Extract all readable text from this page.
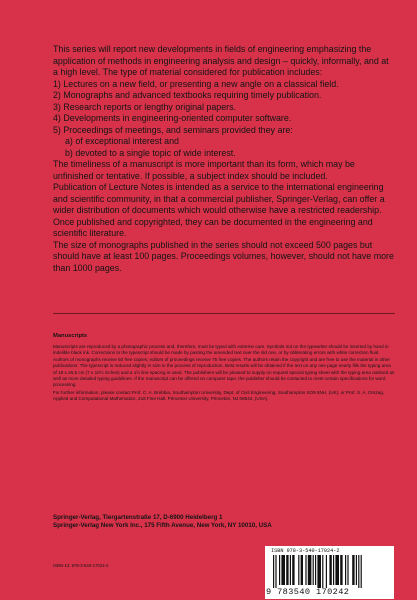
This series will report new developments in fields of engineering emphasizing the application of methods in engineering analysis and design – quickly, informally, and at a high level. The type of material considered for publication includes:

1) Lectures on a new field, or presenting a new angle on a classical field.

2) Monographs and advanced textbooks requiring timely publication.

3) Research reports or lengthy original papers.

4) Developments in engineering-oriented computer software.

5) Proceedings of meetings, and seminars provided they are:

a) of exceptional interest and

b) devoted to a single topic of wide interest.

The timeliness of a manuscript is more important than its form, which may be unfinished or tentative. If possible, a subject index should be included.

Publication of Lecture Notes is intended as a service to the international engineering and scientific community, in that a commercial publisher, Springer-Verlag, can offer a wider distribution of documents which would otherwise have a restricted readership. Once published and copyrighted, they can be documented in the engineering and scientific literature.

The size of monographs published in the series should not exceed 500 pages but should have at least 100 pages. Proceedings volumes, however, should not have more than 1000 pages.

Manuscripts

Manuscripts are reproduced by a photographic process and, therefore, must be typed with extreme care. Symbols not on the typewriter should be inserted by hand in indelible black ink. Corrections to the typescript should be made by pasting the amended text over the old one, or by obliterating errors with white correction fluid. Authors of monographs receive 50 free copies; editors of proceedings receive 75 free copies. The authors retain the copyright and are free to use the material in other publications. The typescript is reduced slightly in size in the process of reproduction. Best results will be obtained if the text on any one page nearly fills the typing area of 18 x 26,5 cm (7 x 10½ inches) and a 1½ line spacing is used. The publishers will be pleased to supply on request special typing sheet with the typing area outlined as well as more detailed typing guidelines. If the manuscript can be offered on computer tape, the publisher should be contacted to meet certain specifications for word processing.

For further information, please contact Prof. C. A. Brebbia, Southampton University, Dept. of Civil Engineering, Southampton SO9 5NH, (UK), or Prof. S. A. Orszag, Applied and Computational Mathematics, 218 Fine Hall, Princeton University, Princeton, NJ 08544, (USA).

Springer-Verlag, Tiergartenstraße 17, D-6900 Heidelberg 1

Springer-Verlag New York Inc., 175 Fifth Avenue, New York, NY 10010, USA

ISBN-13: 978-3-540-17024-2
ISBN 978-3-540-17024-2
9 783540 170242
